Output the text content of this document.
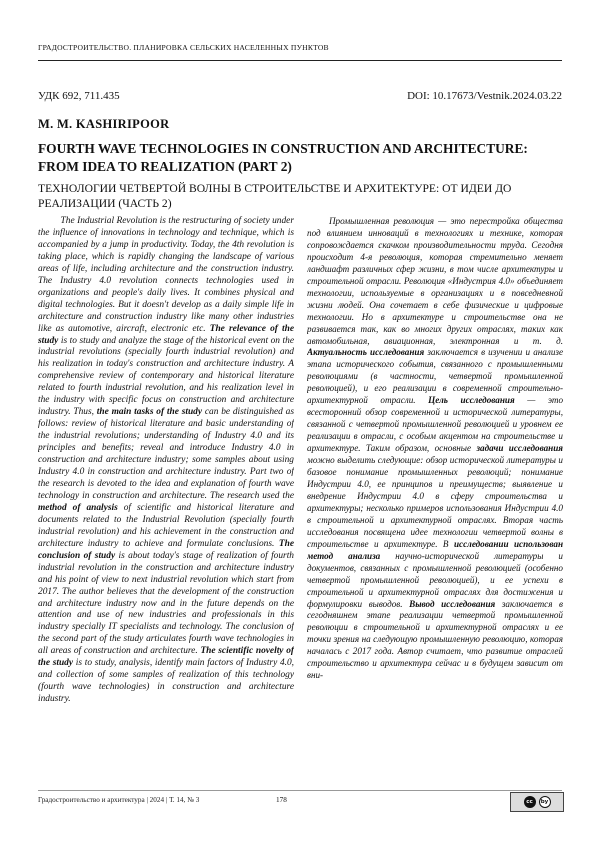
ГРАДОСТРОИТЕЛЬСТВО. ПЛАНИРОВКА СЕЛЬСКИХ НАСЕЛЕННЫХ ПУНКТОВ
УДК 692, 711.435	DOI: 10.17673/Vestnik.2024.03.22
M. M. KASHIRIPOOR
FOURTH WAVE TECHNOLOGIES IN CONSTRUCTION AND ARCHITECTURE: FROM IDEA TO REALIZATION (PART 2)
ТЕХНОЛОГИИ ЧЕТВЕРТОЙ ВОЛНЫ В СТРОИТЕЛЬСТВЕ И АРХИТЕКТУРЕ: ОТ ИДЕИ ДО РЕАЛИЗАЦИИ (ЧАСТЬ 2)

The Industrial Revolution is the restructuring of society under the influence of innovations in technology and technique, which is accompanied by a jump in productivity. Today, the 4th revolution is taking place, which is rapidly changing the landscape of various areas of life, including architecture and the construction industry. The Industry 4.0 revolution connects technologies used in organizations and people's daily lives. It combines physical and digital technologies. But it doesn't develop as a daily simple life in architecture and construction industry like many other industries like as automotive, aircraft, electronic etc. The relevance of the study is to study and analyze the stage of the historical event on the industrial revolutions (specially fourth industrial revolution) and his realization in today's construction and architecture industry. A comprehensive review of contemporary and historical literature related to fourth industrial revolution, and his realization level in the industry with specific focus on construction and architecture industry. Thus, the main tasks of the study can be distinguished as follows: review of historical literature and basic understanding of the industrial revolutions; understanding of Industry 4.0 and its principles and benefits; reveal and introduce Industry 4.0 in construction and architecture industry; some samples about using Industry 4.0 in construction and architecture industry. Part two of the research is devoted to the idea and explanation of fourth wave technology in construction and architecture. The research used the method of analysis of scientific and historical literature and documents related to the Industrial Revolution (specially fourth industrial revolution) and his achievement in the construction and architecture industry to achieve and formulate conclusions. The conclusion of study is about today's stage of realization of fourth industrial revolution in the construction and architecture industry and his point of view to next industrial revolution which start from 2017. The author believes that the development of the construction and architecture industry now and in the future depends on the attention and use of new industries and professionals in this industry specially IT specialists and technology. The conclusion of the second part of the study articulates fourth wave technologies in all areas of construction and architecture. The scientific novelty of the study is to study, analysis, identify main factors of Industry 4.0, and collection of some samples of realization of this technology (fourth wave technologies) in construction and architecture industry.

Промышленная революция — это перестройка общества под влиянием инноваций в технологиях и технике, которая сопровождается скачком производительности труда. Сегодня происходит 4-я революция, которая стремительно меняет ландшафт различных сфер жизни, в том числе архитектуры и строительной отрасли. Революция «Индустрия 4.0» объединяет технологии, используемые в организациях и в повседневной жизни людей. Она сочетает в себе физические и цифровые технологии. Но в архитектуре и строительстве она не развивается так, как во многих других отраслях, таких как автомобильная, авиационная, электронная и т. д. Актуальность исследования заключается в изучении и анализе этапа исторического события, связанного с промышленными революциями (в частности, четвертой промышленной революцией), и его реализации в современной строительно-архитектурной отрасли. Цель исследования — это всесторонний обзор современной и исторической литературы, связанной с четвертой промышленной революцией и уровнем ее реализации в отрасли, с особым акцентом на строительстве и архитектуре. Таким образом, основные задачи исследования можно выделить следующие: обзор исторической литературы и базовое понимание промышленных революций; понимание Индустрии 4.0, ее принципов и преимуществ; выявление и внедрение Индустрии 4.0 в сферу строительства и архитектуры; несколько примеров использования Индустрии 4.0 в строительной и архитектурной отраслях. Вторая часть исследования посвящена идее технологии четвертой волны в строительстве и архитектуре. В исследовании использован метод анализа научно-исторической литературы и документов, связанных с промышленной революцией (особенно четвертой промышленной революцией), и ее успехи в строительной и архитектурной отраслях для достижения и формулировки выводов. Вывод исследования заключается в сегодняшнем этапе реализации четвертой промышленной революции в строительной и архитектурной отраслях и ее точки зрения на следующую промышленную революцию, которая началась с 2017 года. Автор считает, что развитие отраслей строительство и архитектура сейчас и в будущем зависит от вни-

Градостроительство и архитектура | 2024 | Т. 14, № 3	178	cc	by
